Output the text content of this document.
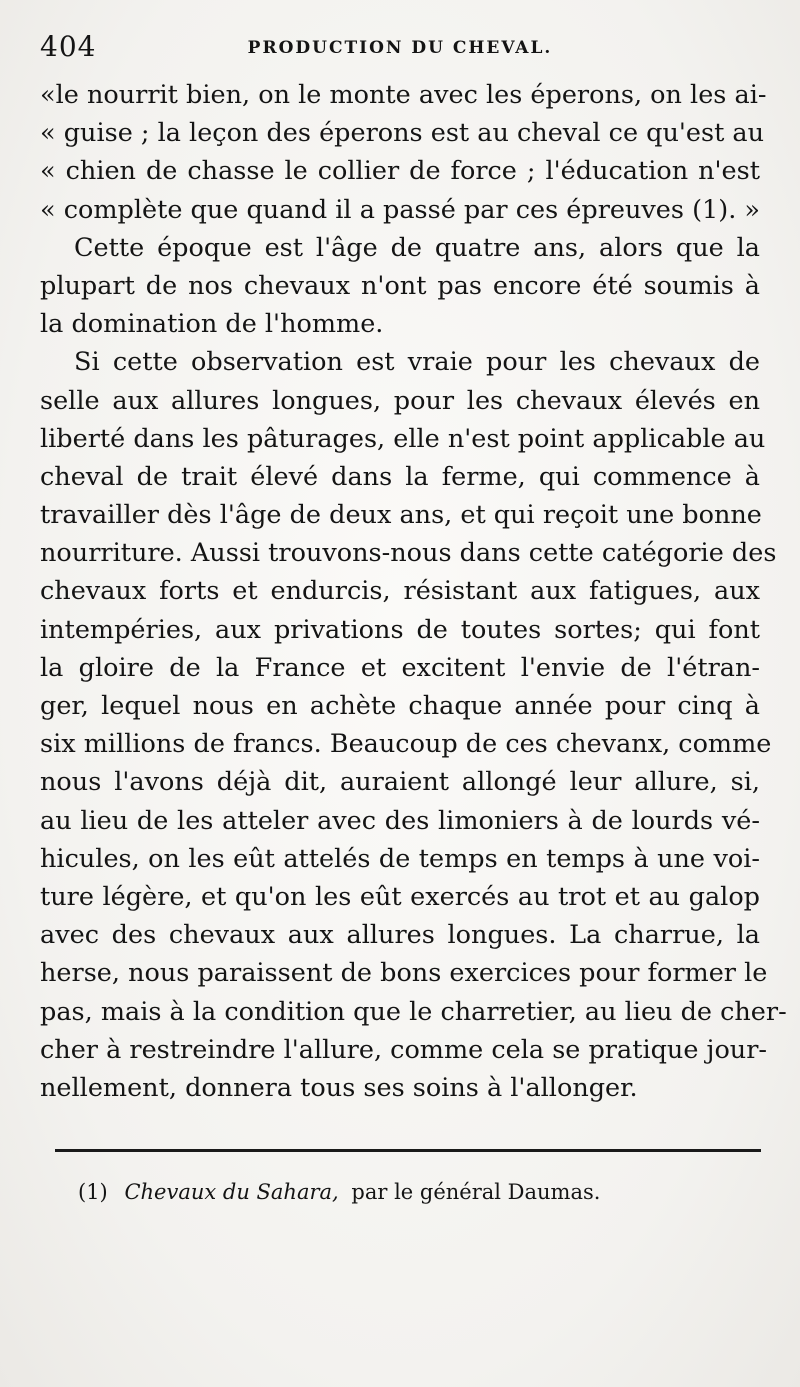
404	PRODUCTION DU CHEVAL.
«le nourrit bien, on le monte avec les éperons, on les ai-
« guise ; la leçon des éperons est au cheval ce qu'est au
« chien de chasse le collier de force ; l'éducation n'est
« complète que quand il a passé par ces épreuves (1). »
Cette époque est l'âge de quatre ans, alors que la
plupart de nos chevaux n'ont pas encore été soumis à
la domination de l'homme.
Si cette observation est vraie pour les chevaux de
selle aux allures longues, pour les chevaux élevés en
liberté dans les pâturages, elle n'est point applicable au
cheval de trait élevé dans la ferme, qui commence à
travailler dès l'âge de deux ans, et qui reçoit une bonne
nourriture. Aussi trouvons-nous dans cette catégorie des
chevaux forts et endurcis, résistant aux fatigues, aux
intempéries, aux privations de toutes sortes; qui font
la gloire de la France et excitent l'envie de l'étran-
ger, lequel nous en achète chaque année pour cinq à
six millions de francs. Beaucoup de ces chevanx, comme
nous l'avons déjà dit, auraient allongé leur allure, si,
au lieu de les atteler avec des limoniers à de lourds vé-
hicules, on les eût attelés de temps en temps à une voi-
ture légère, et qu'on les eût exercés au trot et au galop
avec des chevaux aux allures longues. La charrue, la
herse, nous paraissent de bons exercices pour former le
pas, mais à la condition que le charretier, au lieu de cher-
cher à restreindre l'allure, comme cela se pratique jour-
nellement, donnera tous ses soins à l'allonger.
(1) Chevaux du Sahara, par le général Daumas.
